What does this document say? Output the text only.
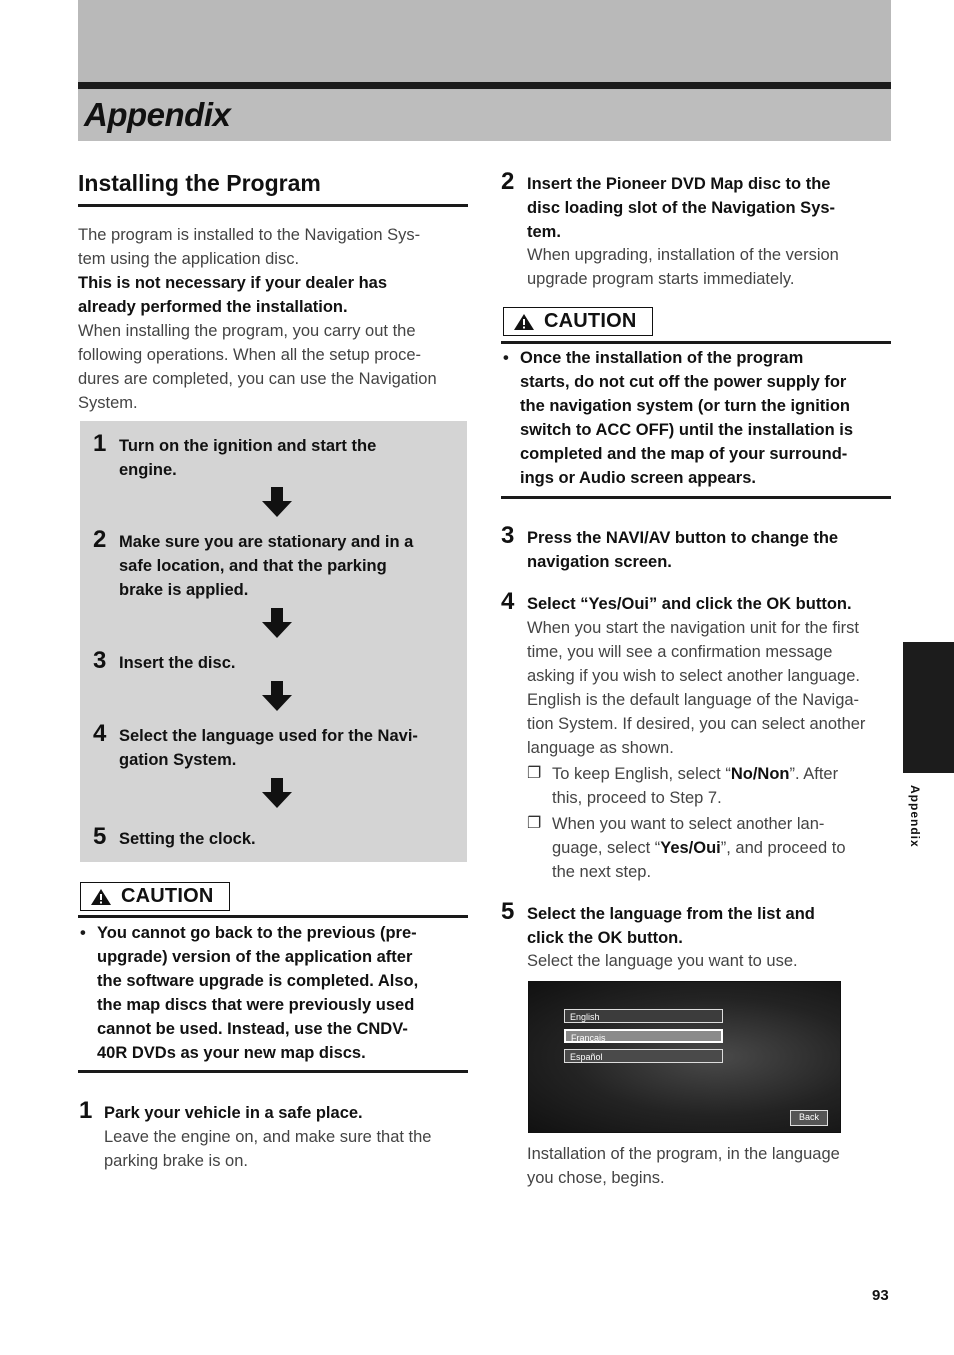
Appendix
Installing the Program
The program is installed to the Navigation Sys-
tem using the application disc.
This is not necessary if your dealer has
already performed the installation.
When installing the program, you carry out the
following operations. When all the setup proce-
dures are completed, you can use the Navigation
System.
1 Turn on the ignition and start the
engine.
2 Make sure you are stationary and in a
safe location, and that the parking
brake is applied.
3 Insert the disc.
4 Select the language used for the Navi-
gation System.
5 Setting the clock.
CAUTION
• You cannot go back to the previous (pre-
upgrade) version of the application after
the software upgrade is completed. Also,
the map discs that were previously used
cannot be used. Instead, use the CNDV-
40R DVDs as your new map discs.
1 Park your vehicle in a safe place.
Leave the engine on, and make sure that the
parking brake is on.
2 Insert the Pioneer DVD Map disc to the
disc loading slot of the Navigation Sys-
tem.
When upgrading, installation of the version
upgrade program starts immediately.
CAUTION
• Once the installation of the program
starts, do not cut off the power supply for
the navigation system (or turn the ignition
switch to ACC OFF) until the installation is
completed and the map of your surround-
ings or Audio screen appears.
3 Press the NAVI/AV button to change the
navigation screen.
4 Select “Yes/Oui” and click the OK button.
When you start the navigation unit for the first
time, you will see a confirmation message
asking if you wish to select another language.
English is the default language of the Naviga-
tion System. If desired, you can select another
language as shown.
❐ To keep English, select “No/Non”. After
this, proceed to Step 7.
❐ When you want to select another lan-
guage, select “Yes/Oui”, and proceed to
the next step.
5 Select the language from the list and
click the OK button.
Select the language you want to use.
English
Français
Español
Back
Installation of the program, in the language
you chose, begins.
Appendix
93
